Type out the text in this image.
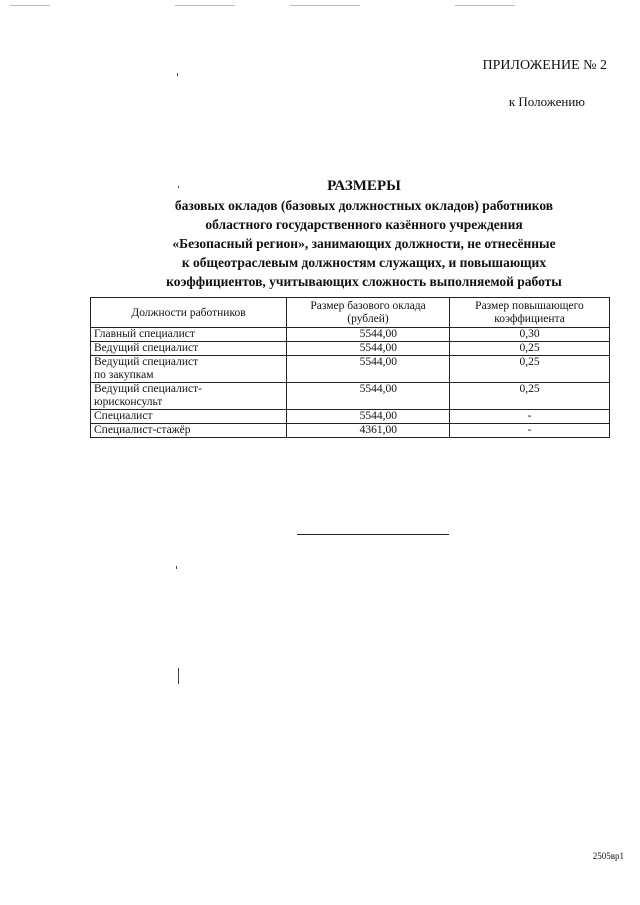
ПРИЛОЖЕНИЕ № 2
к Положению
РАЗМЕРЫ
базовых окладов (базовых должностных окладов) работников
областного государственного казённого учреждения
«Безопасный регион», занимающих должности, не отнесённые
к общеотраслевым должностям служащих, и повышающих
коэффициентов, учитывающих сложность выполняемой работы
Должности работников	Размер базового оклада (рублей)	Размер повышающего коэффициента
Главный специалист	5544,00	0,30
Ведущий специалист	5544,00	0,25
Ведущий специалист
по закупкам	5544,00	0,25
Ведущий специалист-
юрисконсульт	5544,00	0,25
Специалист	5544,00	-
Специалист-стажёр	4361,00	-
2505вр1
